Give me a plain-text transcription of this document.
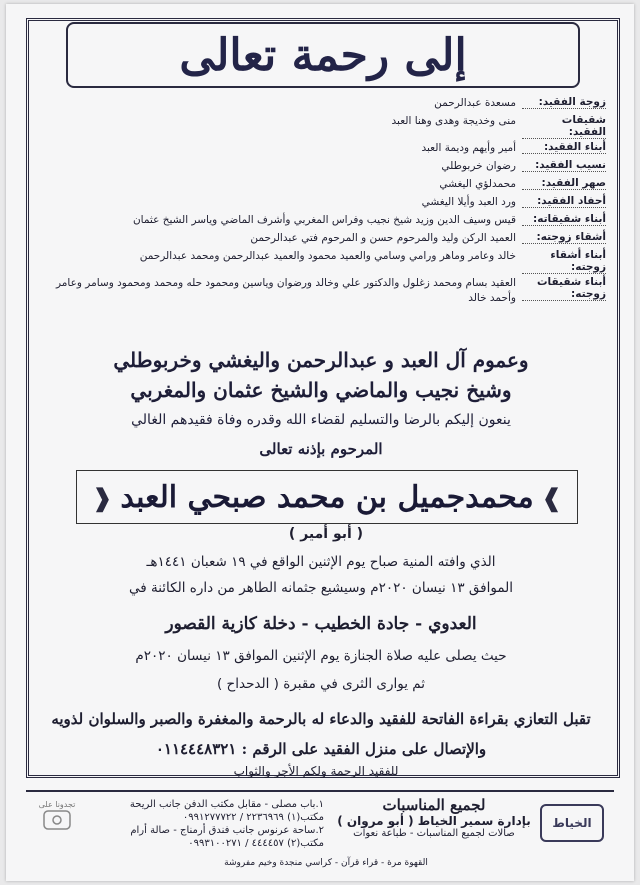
إلى رحمة تعالى
زوجة الفقيد:
مسعدة عبدالرحمن
شقيقات الفقيد:
منى وخديجة وهدى وهنا العبد
أبناء الفقيد:
أمير وأيهم وديمة العبد
نسيب الفقيد:
رضوان خربوطلي
صهر الفقيد:
محمدلؤي اليغشي
أحفاد الفقيد:
ورد العبد وأيلا اليغشي
أبناء شقيقاته:
قيس وسيف الدين وزيد شيخ نجيب وفراس المغربي وأشرف الماضي وياسر الشيخ عثمان
أشقاء زوجته:
العميد الركن وليد والمرحوم حسن و المرحوم فتي عبدالرحمن
أبناء أشقاء زوجته:
خالد وعامر وماهر ورامي وسامي والعميد محمود والعميد عبدالرحمن ومحمد عبدالرحمن
أبناء شقيقات زوجته:
العقيد بسام ومحمد زغلول والدكتور علي وخالد ورضوان وياسين ومحمود حله ومحمد ومحمود وسامر وعامر وأحمد خالد
وعموم آل العبد و عبدالرحمن واليغشي وخربوطلي
وشيخ نجيب والماضي والشيخ عثمان والمغربي
ينعون إليكم بالرضا والتسليم لقضاء الله وقدره وفاة فقيدهم الغالي
المرحوم بإذنه تعالى
❱
محمدجميل بن محمد صبحي العبد
❰
( أبو أمير )
الذي وافته المنية صباح يوم الإثنين الواقع في ١٩ شعبان ١٤٤١هـ
الموافق ١٣ نيسان ٢٠٢٠م وسيشيع جثمانه الطاهر من داره الكائنة في
العدوي - جادة الخطيب - دخلة كازية القصور
حيث يصلى عليه صلاة الجنازة يوم الإثنين الموافق ١٣ نيسان ٢٠٢٠م
ثم يوارى الثرى في مقبرة ( الدحداح )
تقبل التعازي بقراءة الفاتحة للفقيد والدعاء له بالرحمة والمغفرة والصبر والسلوان لذويه
والإتصال على منزل الفقيد على الرقم : ٠١١٤٤٤٨٣٢١
للفقيد الرحمة ولكم الأجر والثواب
الخياط
لجميع المناسبات
بإدارة سمير الخياط ( أبو مروان )
صالات لجميع المناسبات - طباعة نعوات
١.باب مصلى - مقابل مكتب الدفن جانب الريحة
مكتب(١) ٢٢٣٦٩٦٩ / ٠٩٩١٢٧٧٧٢٢
٢.ساحة عرنوس جانب فندق أرمناج - صالة أرام
مكتب(٢) ٤٤٤٤٥٧ / ٠٩٩٣١٠٠٢٧١
تجدونا على
القهوة مرة - قراء قرآن - كراسي منجدة وخيم مفروشة
